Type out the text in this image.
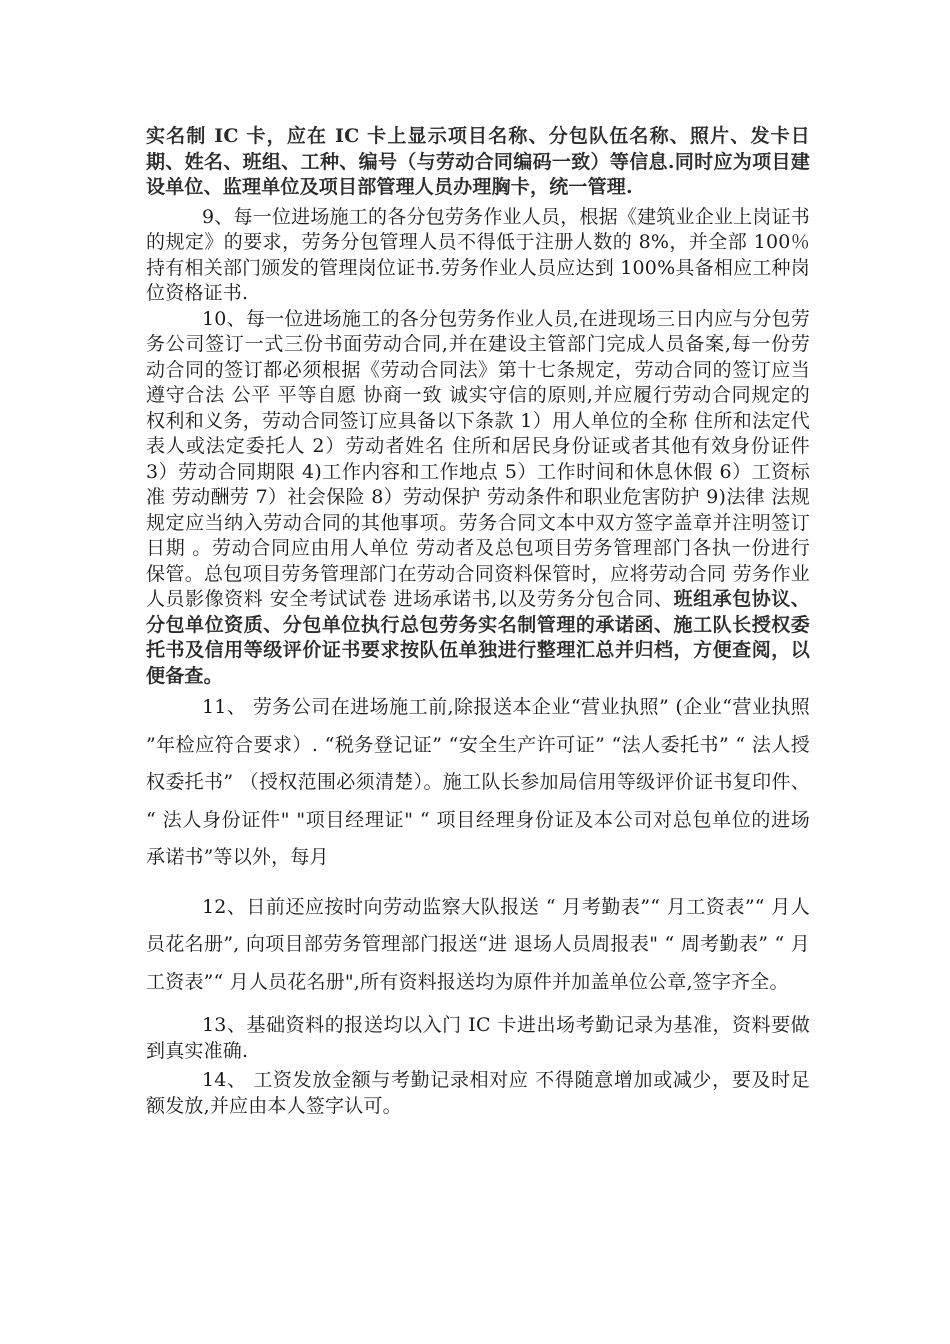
实名制 IC 卡，应在 IC 卡上显示项目名称、分包队伍名称、照片、发卡日期、姓名、班组、工种、编号（与劳动合同编码一致）等信息.同时应为项目建设单位、监理单位及项目部管理人员办理胸卡，统一管理.

9、每一位进场施工的各分包劳务作业人员，根据《建筑业企业上岗证书的规定》的要求，劳务分包管理人员不得低于注册人数的 8%，并全部 100％持有相关部门颁发的管理岗位证书.劳务作业人员应达到 100%具备相应工种岗位资格证书.

10、每一位进场施工的各分包劳务作业人员,在进现场三日内应与分包劳务公司签订一式三份书面劳动合同,并在建设主管部门完成人员备案,每一份劳动合同的签订都必须根据《劳动合同法》第十七条规定，劳动合同的签订应当遵守合法 公平 平等自愿 协商一致 诚实守信的原则,并应履行劳动合同规定的权利和义务，劳动合同签订应具备以下条款 1）用人单位的全称 住所和法定代表人或法定委托人 2）劳动者姓名 住所和居民身份证或者其他有效身份证件 3）劳动合同期限 4)工作内容和工作地点 5）工作时间和休息休假 6）工资标准 劳动酬劳 7）社会保险 8）劳动保护 劳动条件和职业危害防护 9)法律 法规规定应当纳入劳动合同的其他事项。劳务合同文本中双方签字盖章并注明签订日期 。劳动合同应由用人单位 劳动者及总包项目劳务管理部门各执一份进行保管。总包项目劳务管理部门在劳动合同资料保管时，应将劳动合同 劳务作业人员影像资料 安全考试试卷 进场承诺书,以及劳务分包合同、班组承包协议、分包单位资质、分包单位执行总包劳务实名制管理的承诺函、施工队长授权委托书及信用等级评价证书要求按队伍单独进行整理汇总并归档，方便查阅，以便备查。

11、 劳务公司在进场施工前,除报送本企业“营业执照” (企业“营业执照 ”年检应符合要求）. “税务登记证” “安全生产许可证” “法人委托书” “ 法人授权委托书” （授权范围必须清楚）。施工队长参加局信用等级评价证书复印件、 “ 法人身份证件" "项目经理证" “ 项目经理身份证及本公司对总包单位的进场承诺书”等以外，每月

12、日前还应按时向劳动监察大队报送 “ 月考勤表”“ 月工资表”“ 月人员花名册”, 向项目部劳务管理部门报送“进 退场人员周报表" “ 周考勤表” “ 月工资表”“ 月人员花名册",所有资料报送均为原件并加盖单位公章,签字齐全。

13、基础资料的报送均以入门 IC 卡进出场考勤记录为基准，资料要做到真实准确.

14、 工资发放金额与考勤记录相对应 不得随意增加或减少，要及时足额发放,并应由本人签字认可。
